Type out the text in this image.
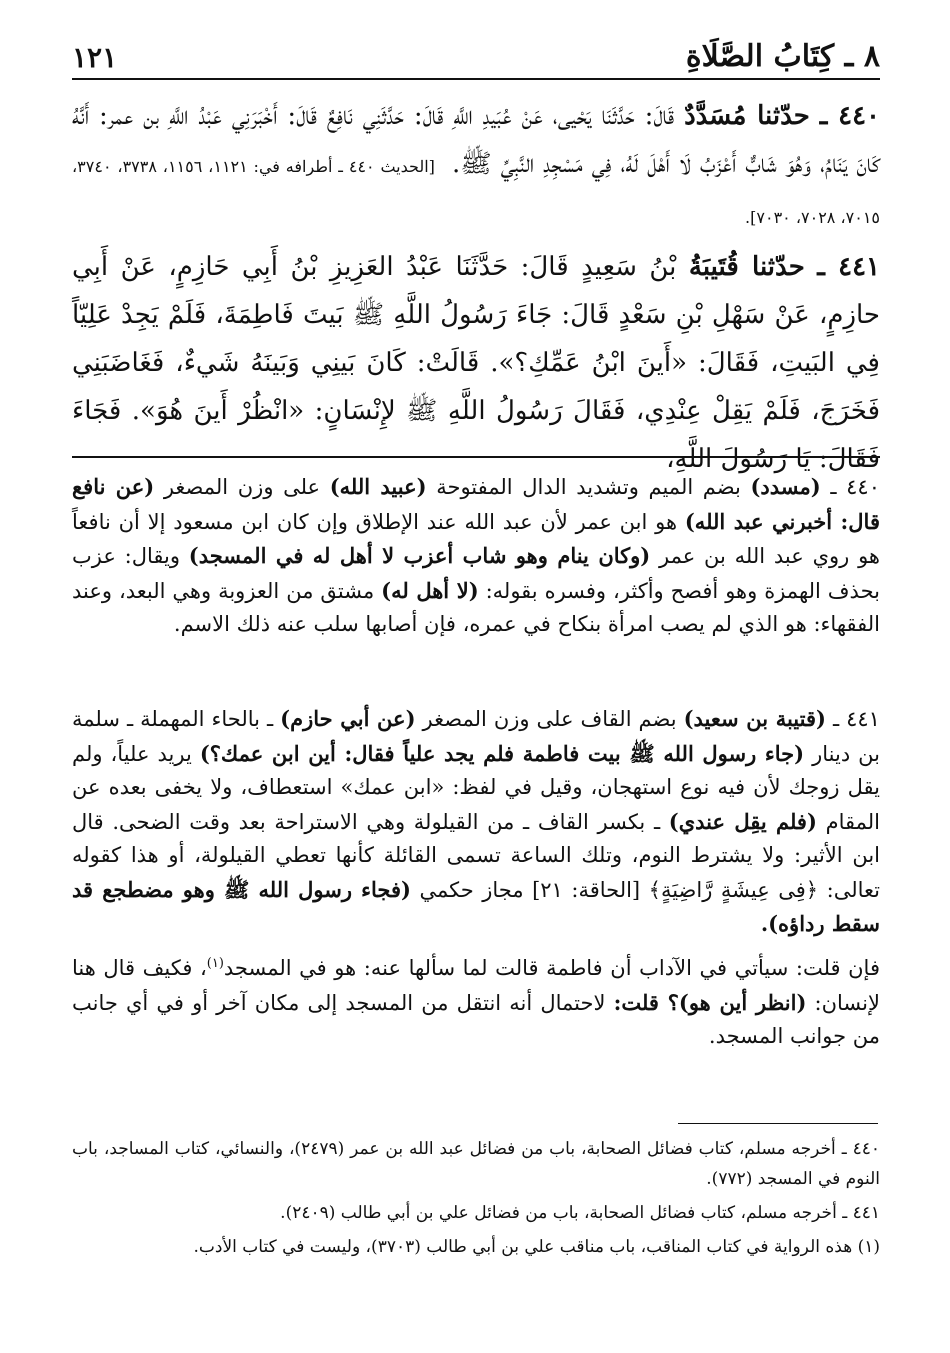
١٢١	٨ ـ كِتَابُ الصَّلَاةِ

٤٤٠ ـ حدّثنا مُسَدَّدٌ قَالَ: حَدَّثَنَا يَحْيى، عَنْ عُبَيدِ اللَّهِ قَالَ: حَدَّثَنِي نَافِعٌ قَالَ: أَخْبَرَنِي عَبْدُ اللَّهِ بن عمر: أَنَّهُ كَانَ يَنَامُ، وَهُوَ شَابٌّ أَعْزَبُ لَا أَهْلَ لَهُ، فِي مَسْجِدِ النَّبِيِّ ﷺ. [الحديث ٤٤٠ ـ أطرافه في: ١١٢١، ١١٥٦، ٣٧٣٨، ٣٧٤٠، ٧٠١٥، ٧٠٢٨، ٧٠٣٠].

٤٤١ ـ حدّثنا قُتَيبَةُ بْنُ سَعِيدٍ قَالَ: حَدَّثَنَا عَبْدُ العَزِيزِ بْنُ أَبِي حَازِمٍ، عَنْ أَبِي حازِمٍ، عَنْ سَهْلِ بْنِ سَعْدٍ قَالَ: جَاءَ رَسُولُ اللَّهِ ﷺ بَيتَ فَاطِمَةَ، فَلَمْ يَجِدْ عَلِيّاً فِي البَيتِ، فَقَالَ: «أَينَ ابْنُ عَمِّكِ؟». قَالَتْ: كَانَ بَينِي وَبَينَهُ شَيءٌ، فَغَاضَبَنِي فَخَرَجَ، فَلَمْ يَقِلْ عِنْدِي، فَقَالَ رَسُولُ اللَّهِ ﷺ لإِنْسَانٍ: «انْظُرْ أَينَ هُوَ». فَجَاءَ فَقَالَ: يَا رَسُولَ اللَّهِ،

٤٤٠ ـ (مسدد) بضم الميم وتشديد الدال المفتوحة (عبيد الله) على وزن المصغر (عن نافع قال: أخبرني عبد الله) هو ابن عمر لأن عبد الله عند الإطلاق وإن كان ابن مسعود إلا أن نافعاً هو روي عبد الله بن عمر (وكان ينام وهو شاب أعزب لا أهل له في المسجد) ويقال: عزب بحذف الهمزة وهو أفصح وأكثر، وفسره بقوله: (لا أهل له) مشتق من العزوبة وهي البعد، وعند الفقهاء: هو الذي لم يصب امرأة بنكاح في عمره، فإن أصابها سلب عنه ذلك الاسم.
٤٤١ ـ (قتيبة بن سعيد) بضم القاف على وزن المصغر (عن أبي حازم) ـ بالحاء المهملة ـ سلمة بن دينار (جاء رسول الله ﷺ بيت فاطمة فلم يجد علياً فقال: أين ابن عمك؟) يريد علياً، ولم يقل زوجك لأن فيه نوع استهجان، وقيل في لفظ: «ابن عمك» استعطاف، ولا يخفى بعده عن المقام (فلم يقِل عندي) ـ بكسر القاف ـ من القيلولة وهي الاستراحة بعد وقت الضحى. قال ابن الأثير: ولا يشترط النوم، وتلك الساعة تسمى القائلة كأنها تعطي القيلولة، أو هذا كقوله تعالى: ﴿فِى عِيشَةٍ رَّاضِيَةٍ﴾ [الحاقة: ٢١] مجاز حكمي (فجاء رسول الله ﷺ وهو مضطجع قد سقط رداؤه).
فإن قلت: سيأتي في الآداب أن فاطمة قالت لما سألها عنه: هو في المسجد$^{(١)}$، فكيف قال هنا لإنسان: (انظر أين هو)؟ قلت: لاحتمال أنه انتقل من المسجد إلى مكان آخر أو في أي جانب من جوانب المسجد.

٤٤٠ ـ أخرجه مسلم، كتاب فضائل الصحابة، باب من فضائل عبد الله بن عمر (٢٤٧٩)، والنسائي، كتاب المساجد، باب النوم في المسجد (٧٧٢).

٤٤١ ـ أخرجه مسلم، كتاب فضائل الصحابة، باب من فضائل علي بن أبي طالب (٢٤٠٩).

(١) هذه الرواية في كتاب المناقب، باب مناقب علي بن أبي طالب (٣٧٠٣)، وليست في كتاب الأدب.
